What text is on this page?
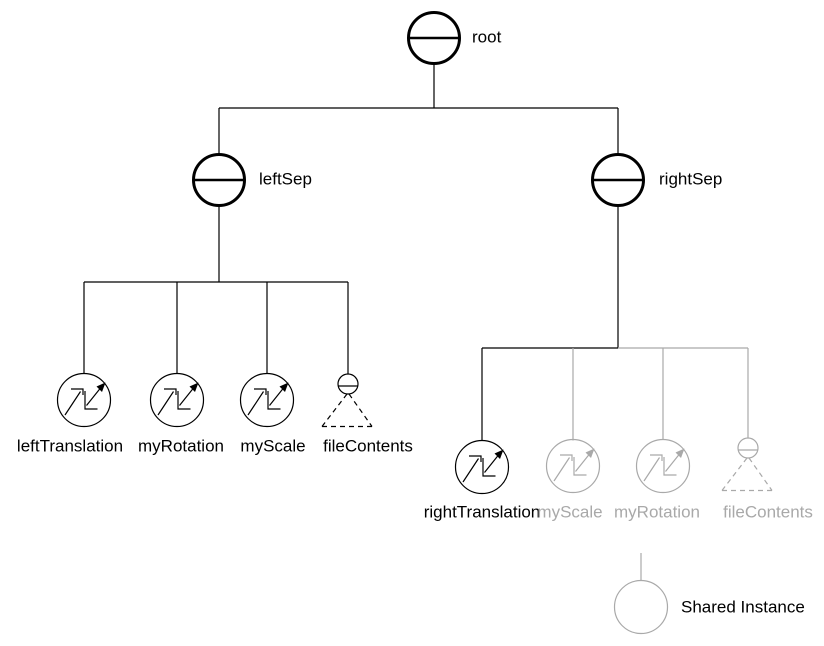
root
leftSep	rightSep
leftTranslation myRotation myScale fileContents
rightTranslation
myScale myRotation fileContents
Shared Instance
